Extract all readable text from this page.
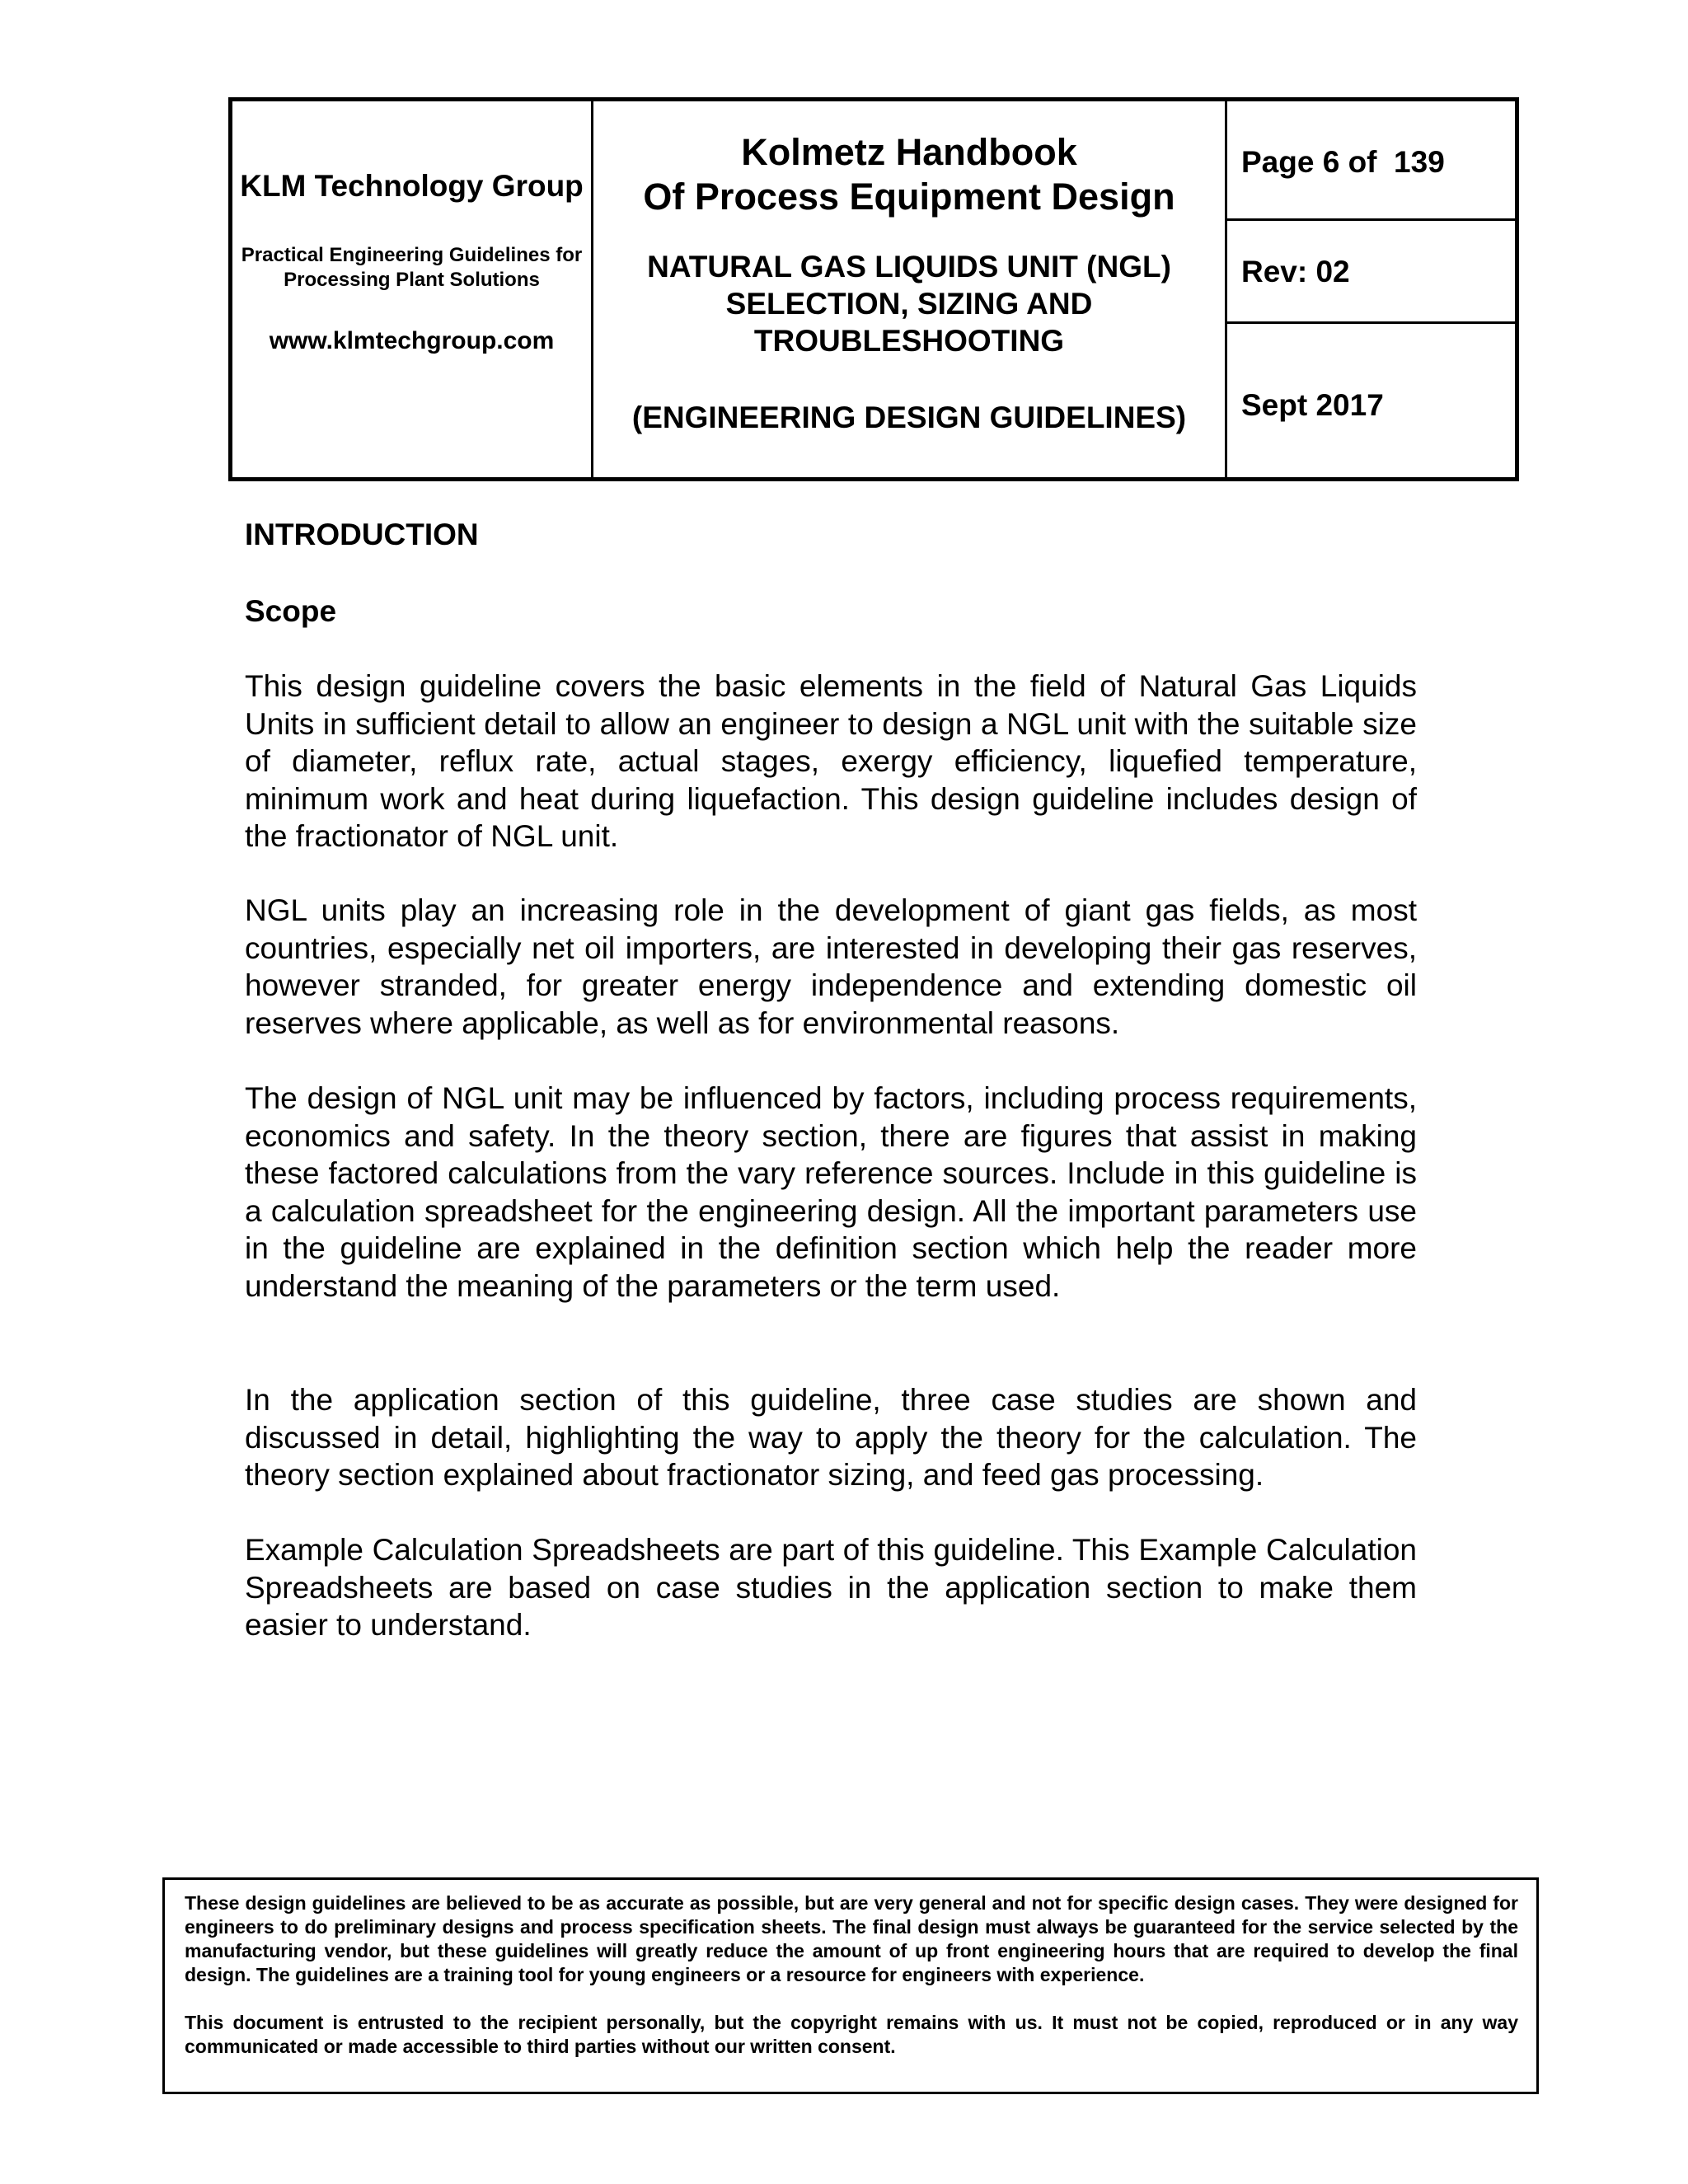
KLM Technology Group
Practical Engineering Guidelines for Processing Plant Solutions
www.klmtechgroup.com
Kolmetz Handbook
Of Process Equipment Design
NATURAL GAS LIQUIDS UNIT (NGL)
SELECTION, SIZING AND
TROUBLESHOOTING
(ENGINEERING DESIGN GUIDELINES)
Page 6 of  139
Rev: 02
Sept 2017
INTRODUCTION
Scope

This design guideline covers the basic elements in the field of Natural Gas Liquids Units in sufficient detail to allow an engineer to design a NGL unit with the suitable size of diameter, reflux rate, actual stages, exergy efficiency, liquefied temperature, minimum work and heat during liquefaction. This design guideline includes design of the fractionator of NGL unit.

NGL units play an increasing role in the development of giant gas fields, as most countries, especially net oil importers, are interested in developing their gas reserves, however stranded, for greater energy independence and extending domestic oil reserves where applicable, as well as for environmental reasons.

The design of NGL unit may be influenced by factors, including process requirements, economics and safety. In the theory section, there are figures that assist in making these factored calculations from the vary reference sources. Include in this guideline is a calculation spreadsheet for the engineering design. All the important parameters use in the guideline are explained in the definition section which help the reader more understand the meaning of the parameters or the term used.

In the application section of this guideline, three case studies are shown and discussed in detail, highlighting the way to apply the theory for the calculation. The theory section explained about fractionator sizing, and feed gas processing.

Example Calculation Spreadsheets are part of this guideline. This Example Calculation Spreadsheets are based on case studies in the application section to make them easier to understand.

These design guidelines are believed to be as accurate as possible, but are very general and not for specific design cases. They were designed for engineers to do preliminary designs and process specification sheets. The final design must always be guaranteed for the service selected by the manufacturing vendor, but these guidelines will greatly reduce the amount of up front engineering hours that are required to develop the final design. The guidelines are a training tool for young engineers or a resource for engineers with experience.

This document is entrusted to the recipient personally, but the copyright remains with us. It must not be copied, reproduced or in any way communicated or made accessible to third parties without our written consent.
